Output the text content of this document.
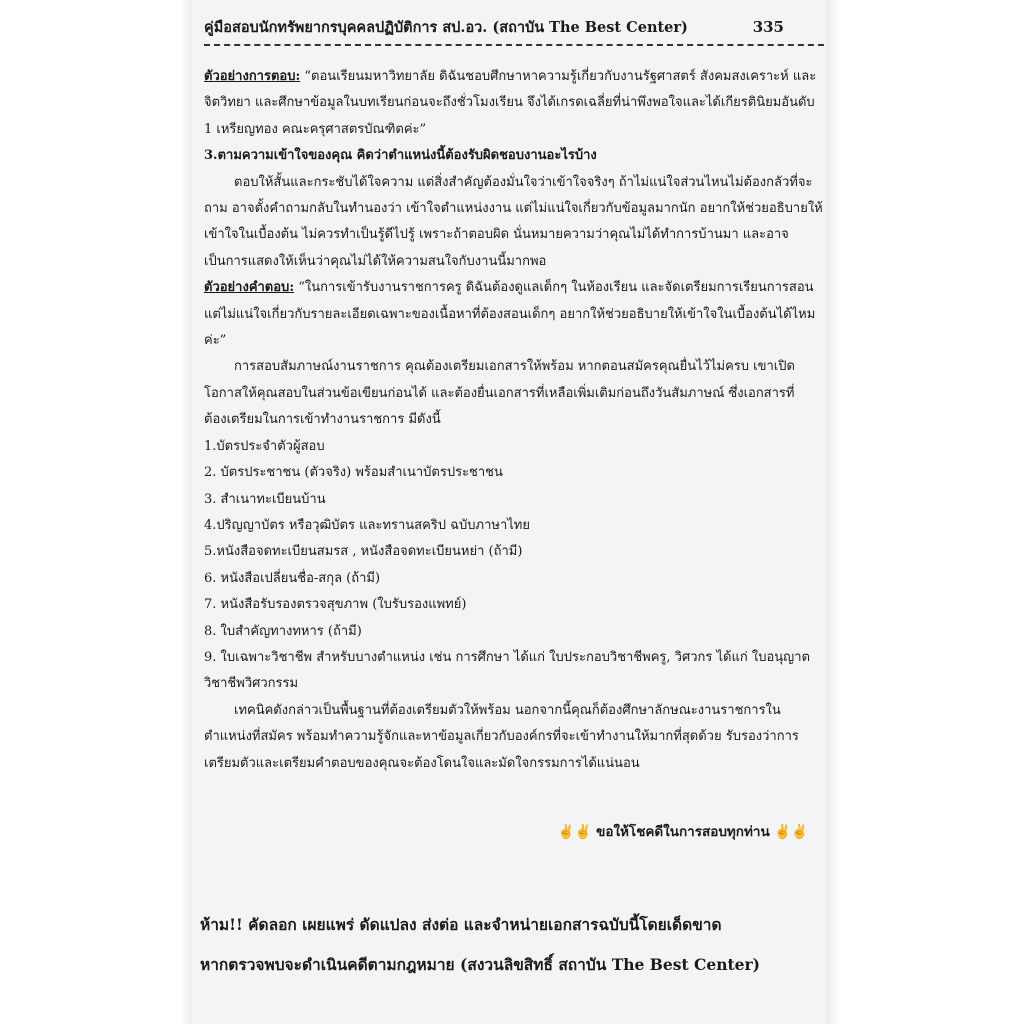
คู่มือสอบนักทรัพยากรบุคคลปฏิบัติการ สป.อว. (สถาบัน The Best Center)	335

ตัวอย่างการตอบ: “ตอนเรียนมหาวิทยาลัย ดิฉันชอบศึกษาหาความรู้เกี่ยวกับงานรัฐศาสตร์ สังคมสงเคราะห์ และจิตวิทยา และศึกษาข้อมูลในบทเรียนก่อนจะถึงชั่วโมงเรียน จึงได้เกรดเฉลี่ยที่น่าพึงพอใจและได้เกียรตินิยมอันดับ 1 เหรียญทอง คณะครุศาสตรบัณฑิตค่ะ”

3.ตามความเข้าใจของคุณ คิดว่าตำแหน่งนี้ต้องรับผิดชอบงานอะไรบ้าง

ตอบให้สั้นและกระชับได้ใจความ แต่สิ่งสำคัญต้องมั่นใจว่าเข้าใจจริงๆ ถ้าไม่แน่ใจส่วนไหนไม่ต้องกลัวที่จะถาม อาจตั้งคำถามกลับในทำนองว่า เข้าใจตำแหน่งงาน แต่ไม่แน่ใจเกี่ยวกับข้อมูลมากนัก อยากให้ช่วยอธิบายให้เข้าใจในเบื้องต้น ไม่ควรทำเป็นรู้ดีไปรู้ เพราะถ้าตอบผิด นั่นหมายความว่าคุณไม่ได้ทำการบ้านมา และอาจเป็นการแสดงให้เห็นว่าคุณไม่ได้ให้ความสนใจกับงานนี้มากพอ

ตัวอย่างคำตอบ: “ในการเข้ารับงานราชการครู ดิฉันต้องดูแลเด็กๆ ในห้องเรียน และจัดเตรียมการเรียนการสอน แต่ไม่แน่ใจเกี่ยวกับรายละเอียดเฉพาะของเนื้อหาที่ต้องสอนเด็กๆ อยากให้ช่วยอธิบายให้เข้าใจในเบื้องต้นได้ไหมค่ะ”

การสอบสัมภาษณ์งานราชการ คุณต้องเตรียมเอกสารให้พร้อม หากตอนสมัครคุณยื่นไว้ไม่ครบ เขาเปิดโอกาสให้คุณสอบในส่วนข้อเขียนก่อนได้ และต้องยื่นเอกสารที่เหลือเพิ่มเติมก่อนถึงวันสัมภาษณ์ ซึ่งเอกสารที่ต้องเตรียมในการเข้าทำงานราชการ มีดังนี้

1.บัตรประจำตัวผู้สอบ

2. บัตรประชาชน (ตัวจริง) พร้อมสำเนาบัตรประชาชน

3. สำเนาทะเบียนบ้าน

4.ปริญญาบัตร หรือวุฒิบัตร และทรานสคริป ฉบับภาษาไทย

5.หนังสือจดทะเบียนสมรส , หนังสือจดทะเบียนหย่า (ถ้ามี)

6. หนังสือเปลี่ยนชื่อ-สกุล (ถ้ามี)

7. หนังสือรับรองตรวจสุขภาพ (ใบรับรองแพทย์)

8. ใบสำคัญทางทหาร (ถ้ามี)

9. ใบเฉพาะวิชาชีพ สำหรับบางตำแหน่ง เช่น การศึกษา ได้แก่ ใบประกอบวิชาชีพครู, วิศวกร ได้แก่ ใบอนุญาตวิชาชีพวิศวกรรม

เทคนิคดังกล่าวเป็นพื้นฐานที่ต้องเตรียมตัวให้พร้อม นอกจากนี้คุณก็ต้องศึกษาลักษณะงานราชการในตำแหน่งที่สมัคร พร้อมทำความรู้จักและหาข้อมูลเกี่ยวกับองค์กรที่จะเข้าทำงานให้มากที่สุดด้วย รับรองว่าการเตรียมตัวและเตรียมคำตอบของคุณจะต้องโดนใจและมัดใจกรรมการได้แน่นอน

✌✌ ขอให้โชคดีในการสอบทุกท่าน ✌✌

ห้าม!! คัดลอก เผยแพร่ ดัดแปลง ส่งต่อ และจำหน่ายเอกสารฉบับนี้โดยเด็ดขาด

หากตรวจพบจะดำเนินคดีตามกฎหมาย (สงวนลิขสิทธิ์ สถาบัน The Best Center)
